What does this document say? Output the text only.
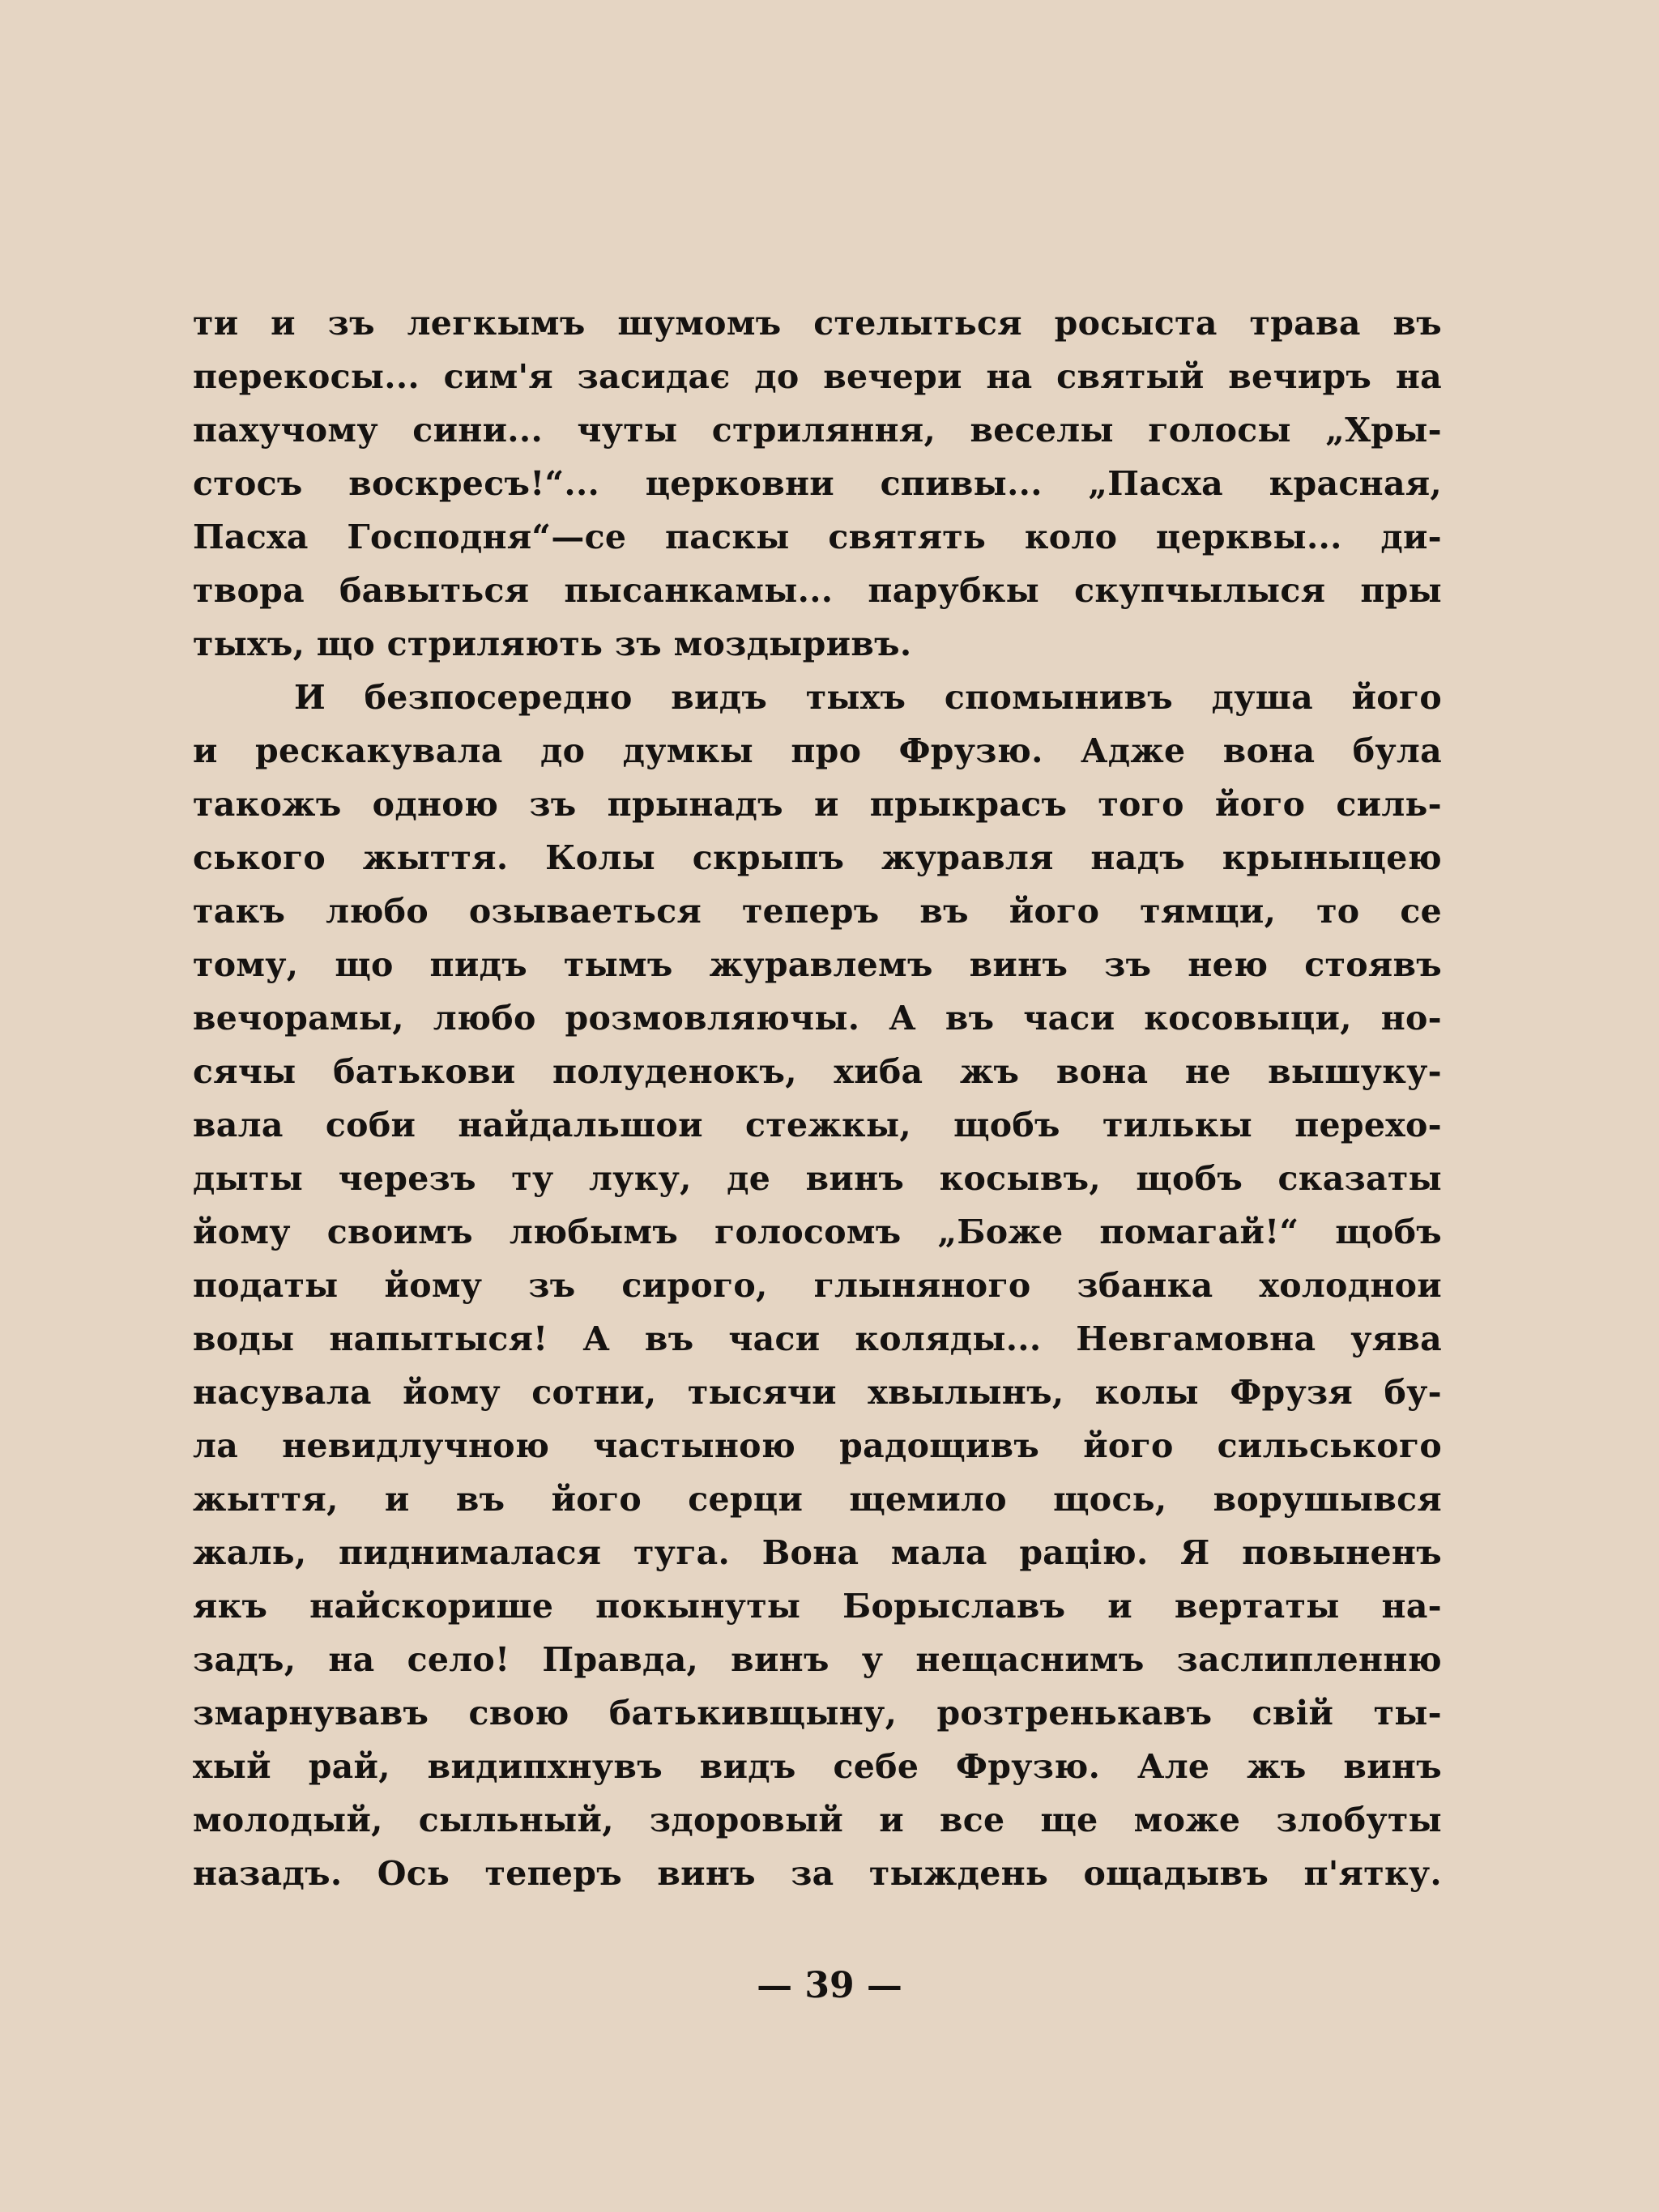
ти и зъ легкымъ шумомъ стелыться росыста трава въ
перекосы... сим'я засидає до вечери на святый вечиръ на
пахучому сини... чуты стриляння, веселы голосы „Хры-
стосъ воскресъ!“... церковни спивы... „Пасха красная,
Пасха Господня“—се паскы святять коло церквы... ди-
твора бавыться пысанкамы... парубкы скупчылыся пры
тыхъ, що стриляють зъ моздыривъ.
И безпосередно видъ тыхъ спомынивъ душа його
и рескакувала до думкы про Фрузю. Адже вона була
такожъ одною зъ прынадъ и прыкрасъ того його силь-
ського жыття. Колы скрыпъ журавля надъ крыныцею
такъ любо озываеться теперъ въ його тямци, то се
тому, що пидъ тымъ журавлемъ винъ зъ нею стоявъ
вечорамы, любо розмовляючы. А въ часи косовыци, но-
сячы батькови полуденокъ, хиба жъ вона не вышуку-
вала соби найдальшои стежкы, щобъ тилькы перехо-
дыты черезъ ту луку, де винъ косывъ, щобъ сказаты
йому своимъ любымъ голосомъ „Боже помагай!“ щобъ
податы йому зъ сирого, глыняного збанка холоднои
воды напытыся! А въ часи коляды... Невгамовна уява
насувала йому сотни, тысячи хвылынъ, колы Фрузя бу-
ла невидлучною частыною радощивъ його сильського
жыття, и въ його серци щемило щось, ворушывся
жаль, пиднималася туга. Вона мала рацію. Я повыненъ
якъ найскорише покынуты Борыславъ и вертаты на-
задъ, на село! Правда, винъ у нещаснимъ заслипленню
змарнувавъ свою батькивщыну, розтренькавъ свій ты-
хый рай, видипхнувъ видъ себе Фрузю. Але жъ винъ
молодый, сыльный, здоровый и все ще може злобуты
назадъ. Ось теперъ винъ за тыждень ощадывъ п'ятку.
— 39 —
